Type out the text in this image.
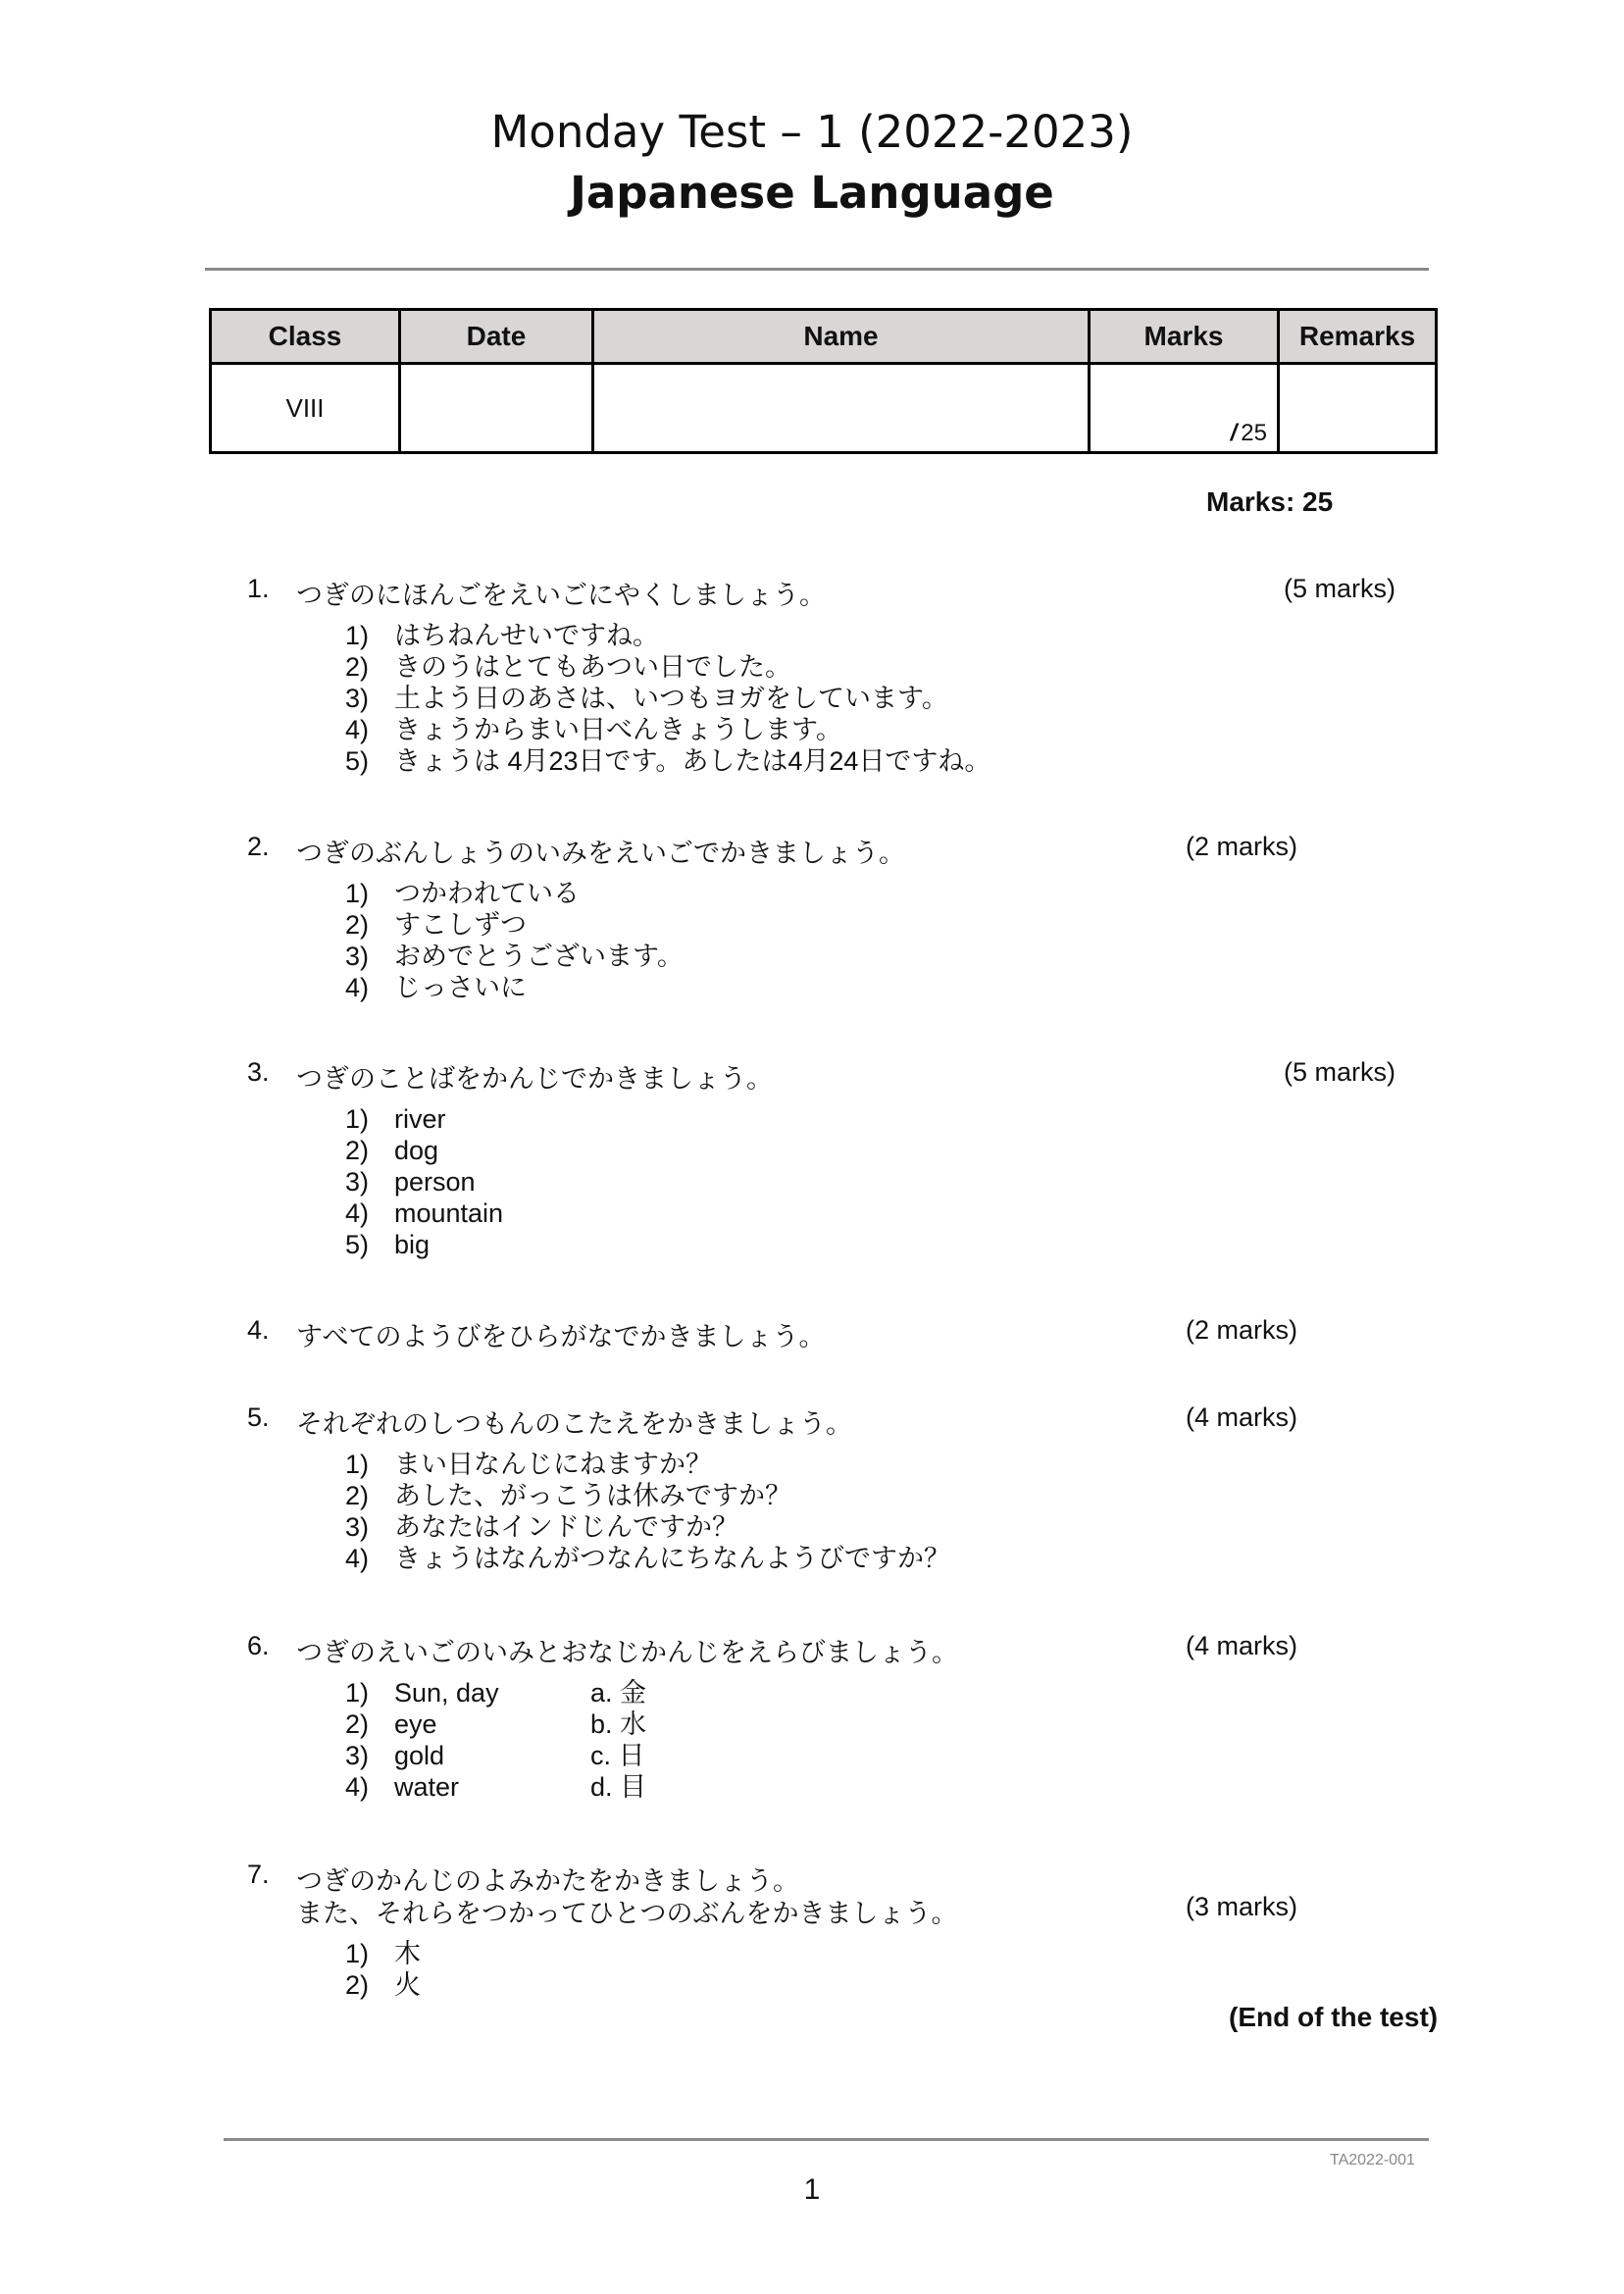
Monday Test – 1 (2022-2023)
Japanese Language
Class	Date	Name	Marks	Remarks
VIII			/ 25	

Marks: 25
1.	つぎのにほんごをえいごにやくしましょう。	(5 marks)
1) はちねんせいですね。
2) きのうはとてもあつい日でした。
3) 土よう日のあさは、いつもヨガをしています。
4) きょうからまい日べんきょうします。
5) きょうは 4月23日です。あしたは4月24日ですね。
2.	つぎのぶんしょうのいみをえいごでかきましょう。	(2 marks)
1) つかわれている
2) すこしずつ
3) おめでとうございます。
4) じっさいに
3.	つぎのことばをかんじでかきましょう。	(5 marks)
1) river
2) dog
3) person
4) mountain
5) big
4.	すべてのようびをひらがなでかきましょう。	(2 marks)
5.	それぞれのしつもんのこたえをかきましょう。	(4 marks)
1) まい日なんじにねますか？
2) あした、がっこうは休みですか？
3) あなたはインドじんですか？
4) きょうはなんがつなんにちなんようびですか？
6.	つぎのえいごのいみとおなじかんじをえらびましょう。	(4 marks)
1) Sun, day	a. 金
2) eye	b. 水
3) gold	c. 日
4) water	d. 目
7.	つぎのかんじのよみかたをかきましょう。
また、それらをつかってひとつのぶんをかきましょう。	(3 marks)
1) 木
2) 火
(End of the test)
TA2022-001
1
